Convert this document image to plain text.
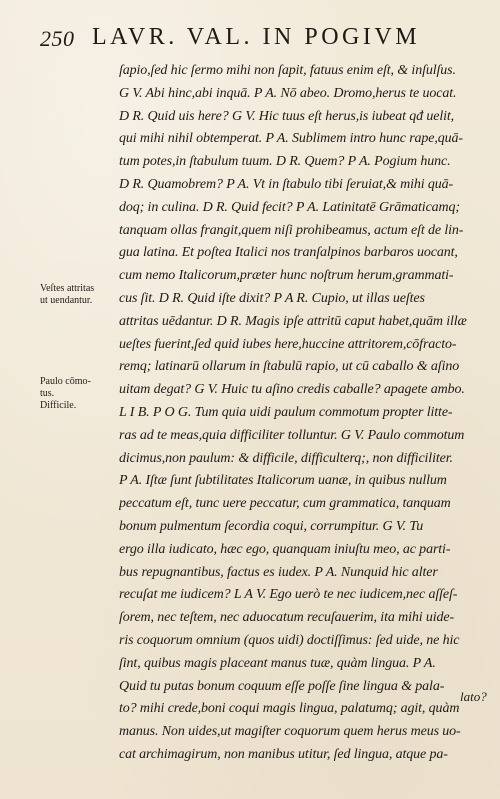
250 LAVR. VAL. IN POGIVM
ſapio,ſed hic ſermo mihi non ſapit, fatuus enim eſt, & inſulſus.
G V. Abi hinc,abi inquā. P A. Nō abeo. Dromo,herus te uocat.
D R. Quid uis here? G V. Hic tuus eſt herus,is iubeat qđ uelit,
qui mihi nihil obtemperat. P A. Sublimem intro hunc rape,quā-
tum potes,in ſtabulum tuum. D R. Quem? P A. Pogium hunc.
D R. Quamobrem? P A. Vt in ſtabulo tibi ſeruiat,& mihi quā-
doq; in culina. D R. Quid fecit? P A. Latinitatē Grāmaticamq;
tanquam ollas frangit,quem niſi prohibeamus, actum eſt de lin-
gua latina. Et poſtea Italici nos tranſalpinos barbaros uocant,
cum nemo Italicorum,præter hunc noſtrum herum,grammati-
cus ſit. D R. Quid iſte dixit? P A R. Cupio, ut illas ueſtes
attritas uēdantur. D R. Magis ipſe attritū caput habet,quām illæ
ueſtes fuerint,ſed quid iubes here,huccine attritorem,cōfracto-
remq; latinarū ollarum in ſtabulū rapio, ut cū caballo & aſino
uitam degat? G V. Huic tu aſino credis caballe? apagete ambo.
L I B. P O G. Tum quia uidi paulum commotum propter litte-
ras ad te meas,quia difficiliter tolluntur. G V. Paulo commotum
dicimus,non paulum: & difficile, difficulterq;, non difficiliter.
P A. Iſtæ ſunt ſubtilitates Italicorum uanæ, in quibus nullum
peccatum eſt, tunc uere peccatur, cum grammatica, tanquam
bonum pulmentum ſecordia coqui, corrumpitur. G V. Tu
ergo illa iudicato, hæc ego, quanquam iniuſtu meo, ac parti-
bus repugnantibus, factus es iudex. P A. Nunquid hic alter
recuſat me iudicem? L A V. Ego uerò te nec iudicem,nec aſſeſ-
ſorem, nec teſtem, nec aduocatum recuſauerim, ita mihi uide-
ris coquorum omnium (quos uidi) doctiſſimus: ſed uide, ne hic
ſint, quibus magis placeant manus tuæ, quàm lingua. P A.
Quid tu putas bonum coquum eſſe poſſe ſine lingua & pala-
to? mihi crede,boni coqui magis lingua, palatumq; agit, quàm
manus. Non uides,ut magiſter coquorum quem herus meus uo-
cat archimagirum, non manibus utitur, ſed lingua, atque pa-
lato?
Veſtes attritas
ut uendantur.
Paulo cōmo-
tus.
Difficile.
